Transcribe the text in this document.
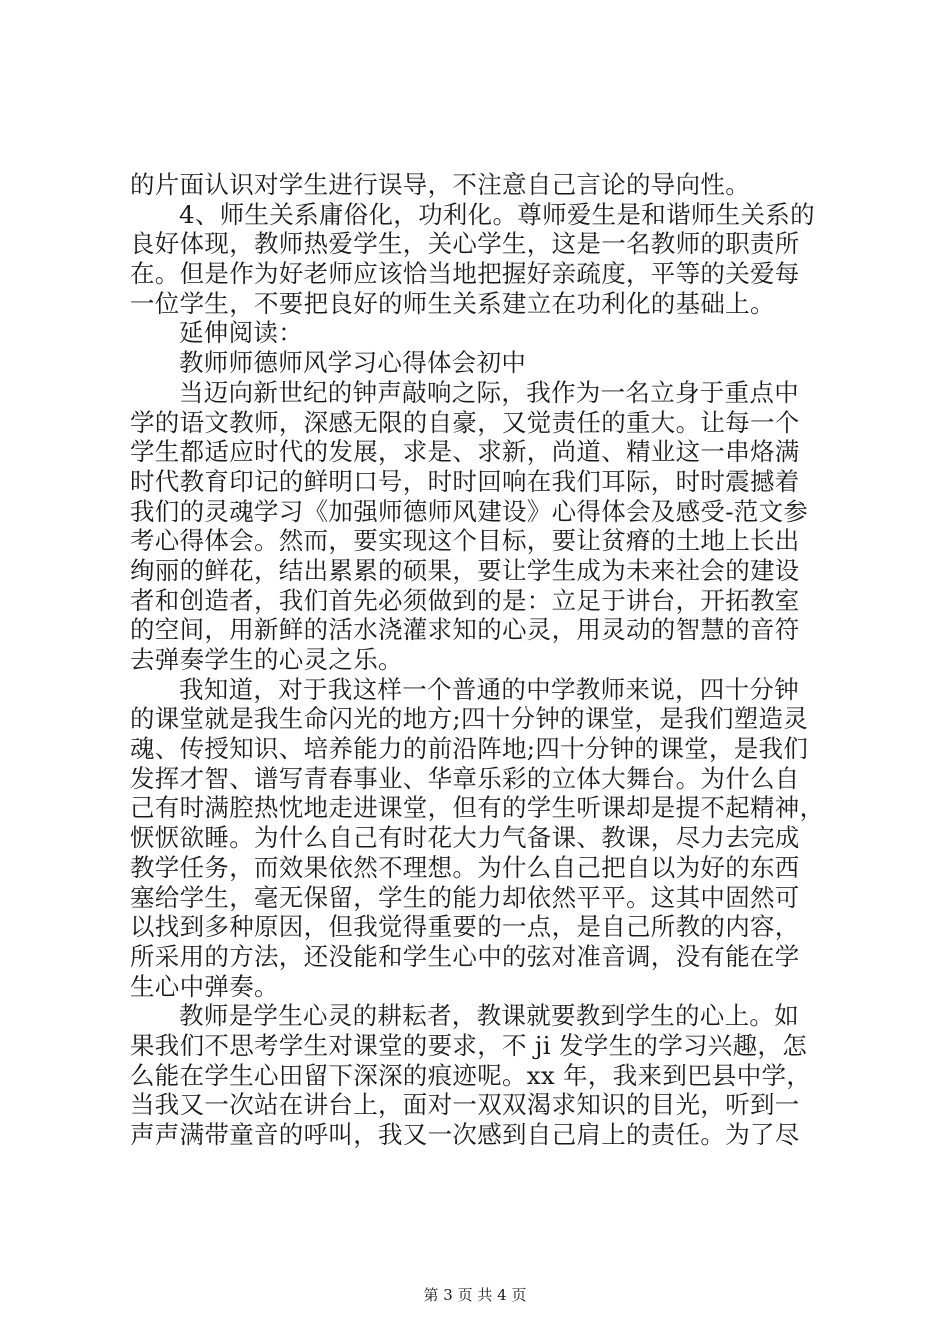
的片面认识对学生进行误导，不注意自己言论的导向性。
4、师生关系庸俗化，功利化。尊师爱生是和谐师生关系的
良好体现，教师热爱学生，关心学生，这是一名教师的职责所
在。但是作为好老师应该恰当地把握好亲疏度，平等的关爱每
一位学生，不要把良好的师生关系建立在功利化的基础上。
延伸阅读：
教师师德师风学习心得体会初中
当迈向新世纪的钟声敲响之际，我作为一名立身于重点中
学的语文教师，深感无限的自豪，又觉责任的重大。让每一个
学生都适应时代的发展，求是、求新，尚道、精业这一串烙满
时代教育印记的鲜明口号，时时回响在我们耳际，时时震撼着
我们的灵魂学习《加强师德师风建设》心得体会及感受-范文参
考心得体会。然而，要实现这个目标，要让贫瘠的土地上长出
绚丽的鲜花，结出累累的硕果，要让学生成为未来社会的建设
者和创造者，我们首先必须做到的是：立足于讲台，开拓教室
的空间，用新鲜的活水浇灌求知的心灵，用灵动的智慧的音符
去弹奏学生的心灵之乐。
我知道，对于我这样一个普通的中学教师来说，四十分钟
的课堂就是我生命闪光的地方;四十分钟的课堂，是我们塑造灵
魂、传授知识、培养能力的前沿阵地;四十分钟的课堂，是我们
发挥才智、谱写青春事业、华章乐彩的立体大舞台。为什么自
己有时满腔热忱地走进课堂，但有的学生听课却是提不起精神，
恹恹欲睡。为什么自己有时花大力气备课、教课，尽力去完成
教学任务，而效果依然不理想。为什么自己把自以为好的东西
塞给学生，毫无保留，学生的能力却依然平平。这其中固然可
以找到多种原因，但我觉得重要的一点，是自己所教的内容，
所采用的方法，还没能和学生心中的弦对准音调，没有能在学
生心中弹奏。
教师是学生心灵的耕耘者，教课就要教到学生的心上。如
果我们不思考学生对课堂的要求，不 ji 发学生的学习兴趣，怎
么能在学生心田留下深深的痕迹呢。xx 年，我来到巴县中学，
当我又一次站在讲台上，面对一双双渴求知识的目光，听到一
声声满带童音的呼叫，我又一次感到自己肩上的责任。为了尽
第 3 页 共 4 页
